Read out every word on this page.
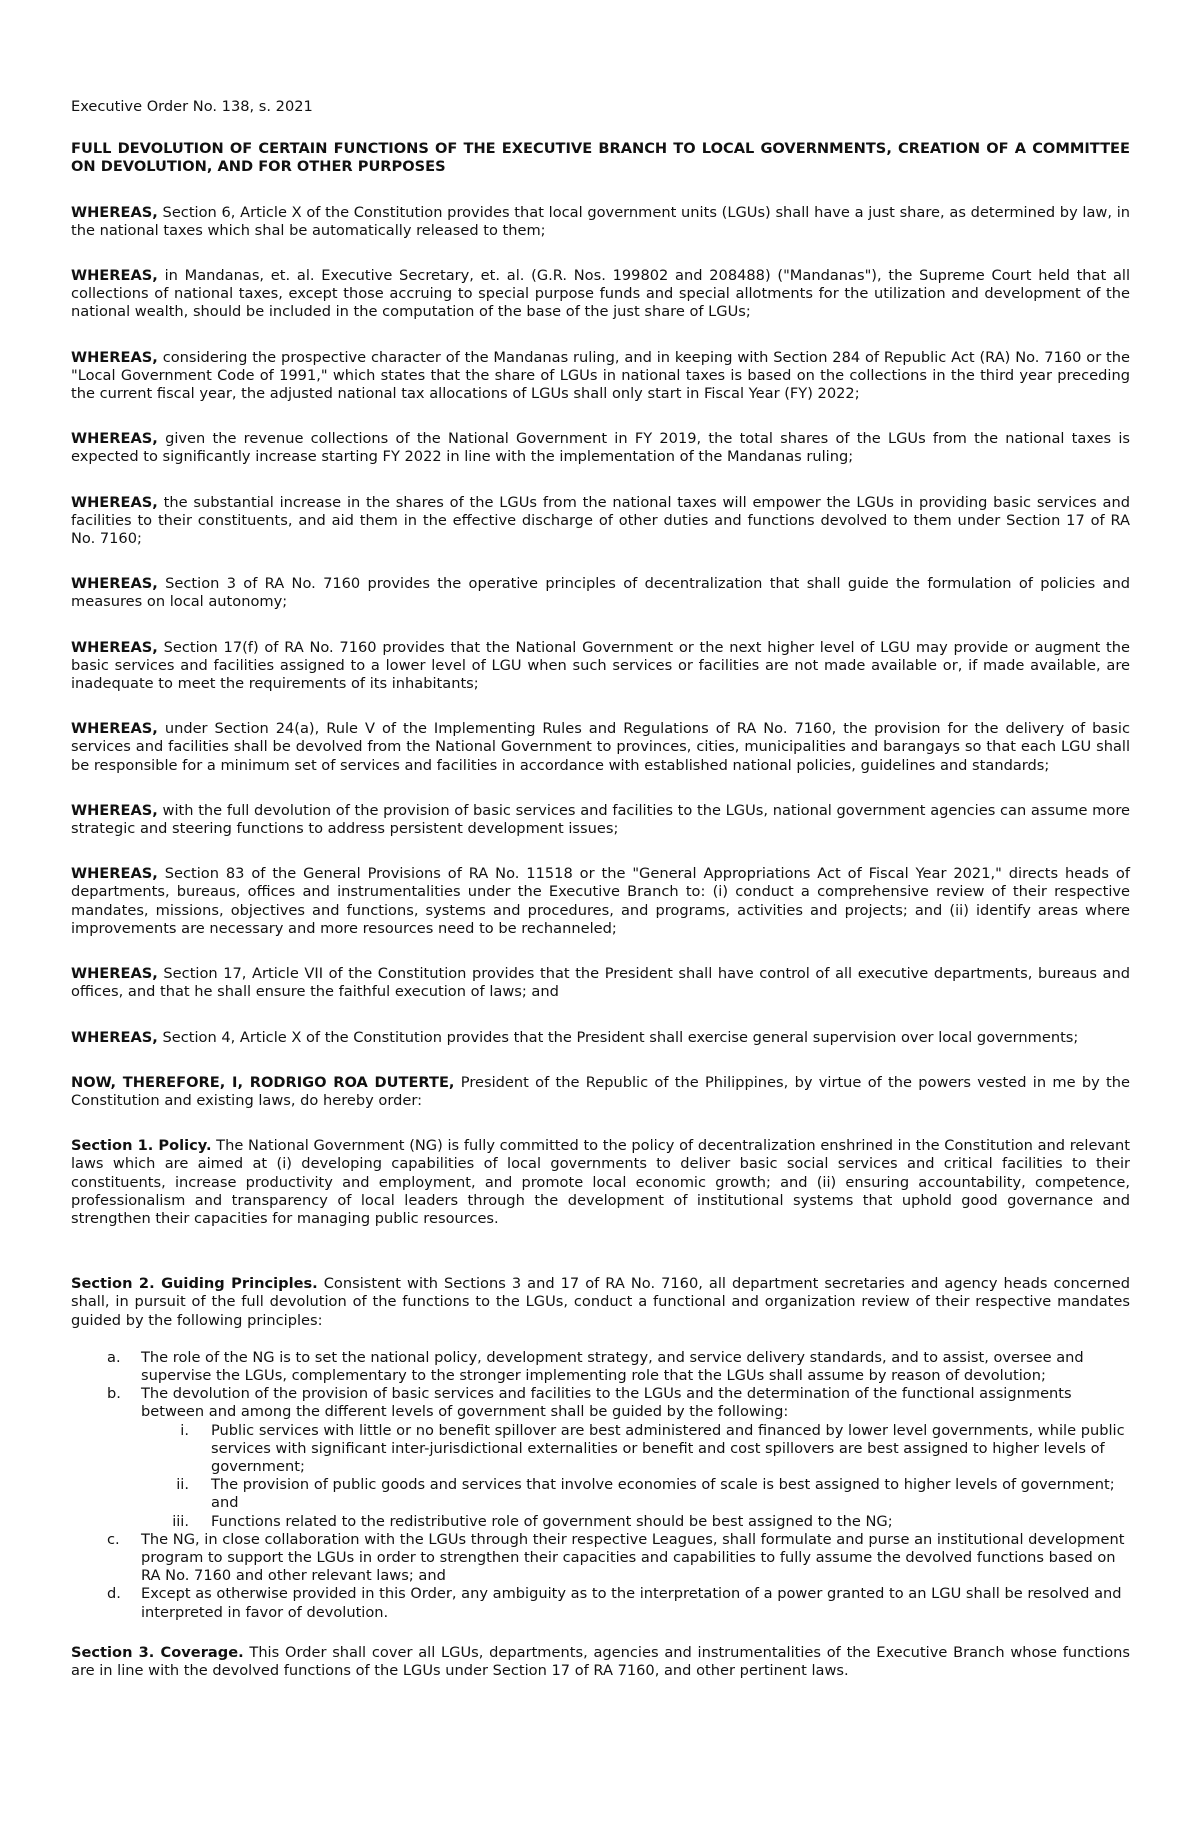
Executive Order No. 138, s. 2021
FULL DEVOLUTION OF CERTAIN FUNCTIONS OF THE EXECUTIVE BRANCH TO LOCAL GOVERNMENTS, CREATION OF A COMMITTEE ON DEVOLUTION, AND FOR OTHER PURPOSES
WHEREAS, Section 6, Article X of the Constitution provides that local government units (LGUs) shall have a just share, as determined by law, in the national taxes which shal be automatically released to them;
WHEREAS, in Mandanas, et. al. Executive Secretary, et. al. (G.R. Nos. 199802 and 208488) ("Mandanas"), the Supreme Court held that all collections of national taxes, except those accruing to special purpose funds and special allotments for the utilization and development of the national wealth, should be included in the computation of the base of the just share of LGUs;
WHEREAS, considering the prospective character of the Mandanas ruling, and in keeping with Section 284 of Republic Act (RA) No. 7160 or the "Local Government Code of 1991," which states that the share of LGUs in national taxes is based on the collections in the third year preceding the current fiscal year, the adjusted national tax allocations of LGUs shall only start in Fiscal Year (FY) 2022;
WHEREAS, given the revenue collections of the National Government in FY 2019, the total shares of the LGUs from the national taxes is expected to significantly increase starting FY 2022 in line with the implementation of the Mandanas ruling;
WHEREAS, the substantial increase in the shares of the LGUs from the national taxes will empower the LGUs in providing basic services and facilities to their constituents, and aid them in the effective discharge of other duties and functions devolved to them under Section 17 of RA No. 7160;
WHEREAS, Section 3 of RA No. 7160 provides the operative principles of decentralization that shall guide the formulation of policies and measures on local autonomy;
WHEREAS, Section 17(f) of RA No. 7160 provides that the National Government or the next higher level of LGU may provide or augment the basic services and facilities assigned to a lower level of LGU when such services or facilities are not made available or, if made available, are inadequate to meet the requirements of its inhabitants;
WHEREAS, under Section 24(a), Rule V of the Implementing Rules and Regulations of RA No. 7160, the provision for the delivery of basic services and facilities shall be devolved from the National Government to provinces, cities, municipalities and barangays so that each LGU shall be responsible for a minimum set of services and facilities in accordance with established national policies, guidelines and standards;
WHEREAS, with the full devolution of the provision of basic services and facilities to the LGUs, national government agencies can assume more strategic and steering functions to address persistent development issues;
WHEREAS, Section 83 of the General Provisions of RA No. 11518 or the "General Appropriations Act of Fiscal Year 2021," directs heads of departments, bureaus, offices and instrumentalities under the Executive Branch to: (i) conduct a comprehensive review of their respective mandates, missions, objectives and functions, systems and procedures, and programs, activities and projects; and (ii) identify areas where improvements are necessary and more resources need to be rechanneled;
WHEREAS, Section 17, Article VII of the Constitution provides that the President shall have control of all executive departments, bureaus and offices, and that he shall ensure the faithful execution of laws; and
WHEREAS, Section 4, Article X of the Constitution provides that the President shall exercise general supervision over local governments;
NOW, THEREFORE, I, RODRIGO ROA DUTERTE, President of the Republic of the Philippines, by virtue of the powers vested in me by the Constitution and existing laws, do hereby order:
Section 1. Policy. The National Government (NG) is fully committed to the policy of decentralization enshrined in the Constitution and relevant laws which are aimed at (i) developing capabilities of local governments to deliver basic social services and critical facilities to their constituents, increase productivity and employment, and promote local economic growth; and (ii) ensuring accountability, competence, professionalism and transparency of local leaders through the development of institutional systems that uphold good governance and strengthen their capacities for managing public resources.
Section 2. Guiding Principles. Consistent with Sections 3 and 17 of RA No. 7160, all department secretaries and agency heads concerned shall, in pursuit of the full devolution of the functions to the LGUs, conduct a functional and organization review of their respective mandates guided by the following principles:
a. The role of the NG is to set the national policy, development strategy, and service delivery standards, and to assist, oversee and supervise the LGUs, complementary to the stronger implementing role that the LGUs shall assume by reason of devolution;
b. The devolution of the provision of basic services and facilities to the LGUs and the determination of the functional assignments between and among the different levels of government shall be guided by the following:
i. Public services with little or no benefit spillover are best administered and financed by lower level governments, while public services with significant inter-jurisdictional externalities or benefit and cost spillovers are best assigned to higher levels of government;
ii. The provision of public goods and services that involve economies of scale is best assigned to higher levels of government; and
iii. Functions related to the redistributive role of government should be best assigned to the NG;
c. The NG, in close collaboration with the LGUs through their respective Leagues, shall formulate and purse an institutional development program to support the LGUs in order to strengthen their capacities and capabilities to fully assume the devolved functions based on RA No. 7160 and other relevant laws; and
d. Except as otherwise provided in this Order, any ambiguity as to the interpretation of a power granted to an LGU shall be resolved and interpreted in favor of devolution.
Section 3. Coverage. This Order shall cover all LGUs, departments, agencies and instrumentalities of the Executive Branch whose functions are in line with the devolved functions of the LGUs under Section 17 of RA 7160, and other pertinent laws.
